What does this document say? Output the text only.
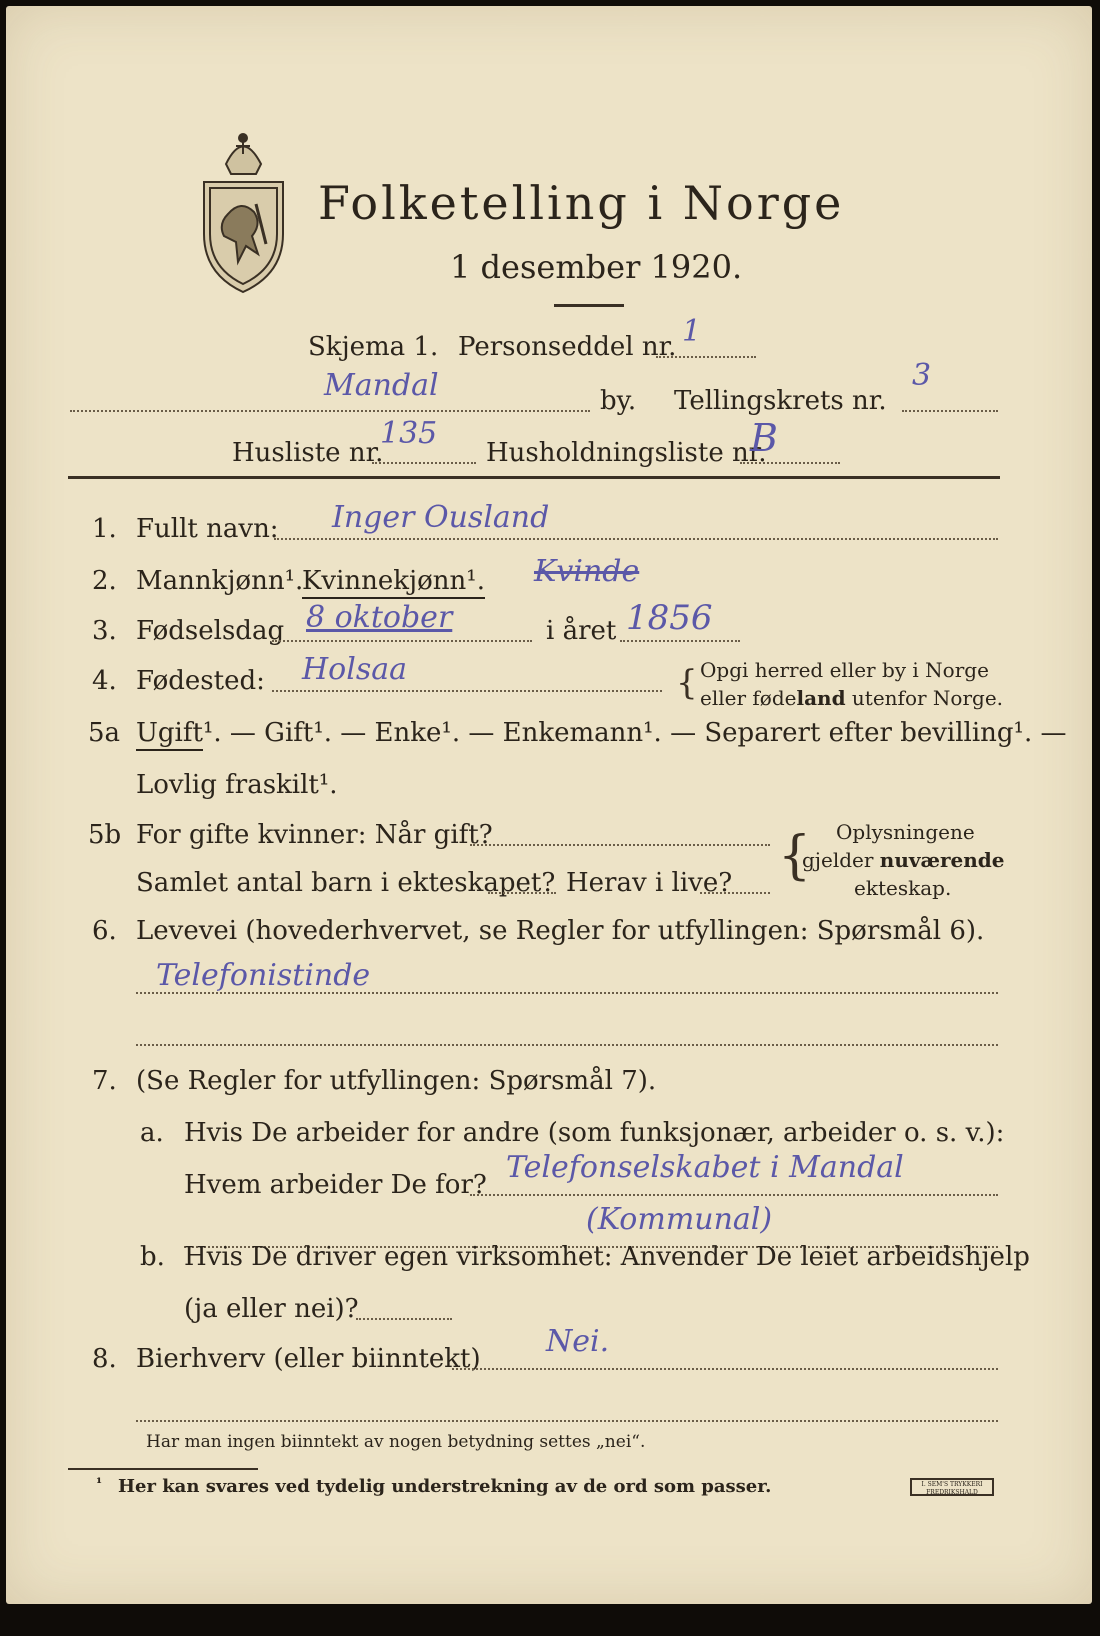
Folketelling i Norge
1 desember 1920.
Skjema 1. Personseddel nr. 1
Mandal	by. Tellingskrets nr.
3
Husliste nr.
135
Husholdningsliste nr.
B
1. Fullt navn: Inger Ousland
2. Mannkjønn¹.
Kvinnekjønn¹. Kvinde
3. Fødselsdag 8 oktober	i året 1856
4. Fødested: Holsaa	{ Opgi herred eller by i Norge
eller fødeland utenfor Norge.
5a Ugift¹. — Gift¹. — Enke¹. — Enkemann¹. — Separert efter bevilling¹. —
Lovlig fraskilt¹.
5b For gifte kvinner: Når gift?
Samlet antal barn i ekteskapet? Herav i live? { Oplysningene
gjelder nuværende
ekteskap.
6. Levevei (hovederhvervet, se Regler for utfyllingen: Spørsmål 6).
Telefonistinde
7. (Se Regler for utfyllingen: Spørsmål 7).
a. Hvis De arbeider for andre (som funksjonær, arbeider o. s. v.):
Hvem arbeider De for? Telefonselskabet i Mandal
(Kommunal)
b. Hvis De driver egen virksomhet: Anvender De leiet arbeidshjelp
(ja eller nei)?
8. Bierhverv (eller biinntekt) Nei.
Har man ingen biinntekt av nogen betydning settes „nei“.
¹ Her kan svares ved tydelig understrekning av de ord som passer.	I. SEM'S TRYKKERI FREDRIKSHALD
